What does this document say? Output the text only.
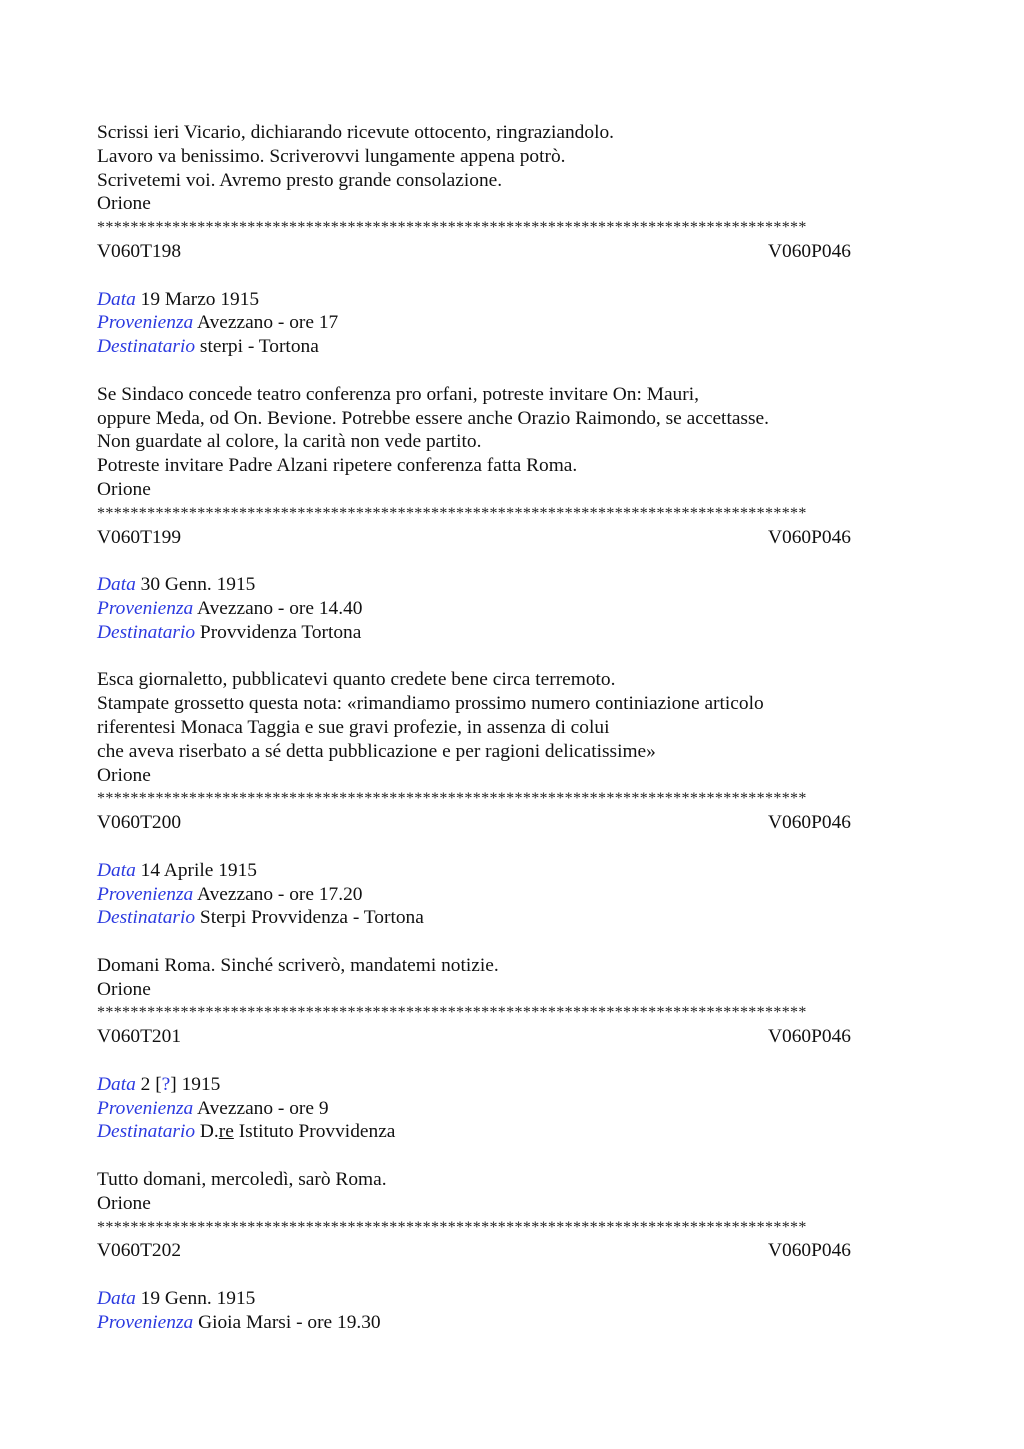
Scrissi ieri Vicario, dichiarando ricevute ottocento, ringraziandolo.
Lavoro va benissimo. Scriverovvi lungamente appena potrò.
Scrivetemi voi. Avremo presto grande consolazione.
Orione
*************************************************************************************
V060T198	V060P046
Data 19 Marzo 1915
Provenienza Avezzano - ore 17
Destinatario sterpi - Tortona
Se Sindaco concede teatro conferenza pro orfani, potreste invitare On: Mauri,
oppure Meda, od On. Bevione. Potrebbe essere anche Orazio Raimondo, se accettasse.
Non guardate al colore, la carità non vede partito.
Potreste invitare Padre Alzani ripetere conferenza fatta Roma.
Orione
*************************************************************************************
V060T199	V060P046
Data 30 Genn. 1915
Provenienza Avezzano - ore 14.40
Destinatario Provvidenza Tortona
Esca giornaletto, pubblicatevi quanto credete bene circa terremoto.
Stampate grossetto questa nota: «rimandiamo prossimo numero continiazione articolo
riferentesi Monaca Taggia e sue gravi profezie, in assenza di colui
che aveva riserbato a sé detta pubblicazione e per ragioni delicatissime»
Orione
*************************************************************************************
V060T200	V060P046
Data 14 Aprile 1915
Provenienza Avezzano - ore 17.20
Destinatario Sterpi Provvidenza - Tortona
Domani Roma. Sinché scriverò, mandatemi notizie.
Orione
*************************************************************************************
V060T201	V060P046
Data 2 [?] 1915
Provenienza Avezzano - ore 9
Destinatario D.re Istituto Provvidenza
Tutto domani, mercoledì, sarò Roma.
Orione
*************************************************************************************
V060T202	V060P046
Data 19 Genn. 1915
Provenienza Gioia Marsi - ore 19.30
